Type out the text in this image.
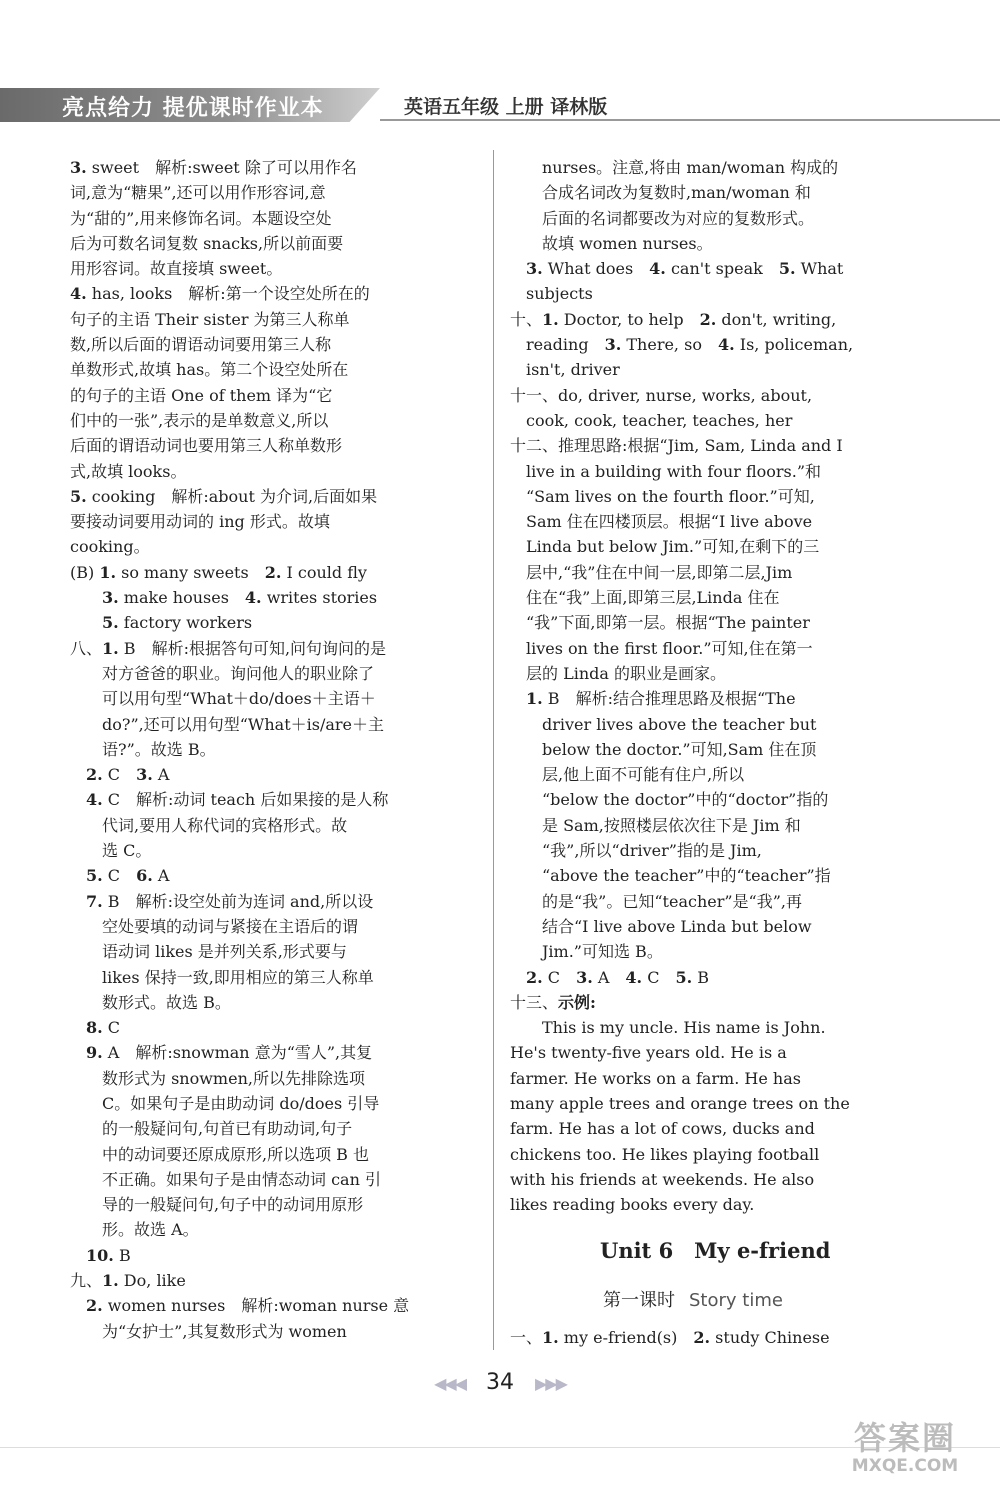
亮点给力 提优课时作业本	英语五年级 上册 译林版
3. sweet　解析:sweet 除了可以用作名
词,意为“糖果”,还可以用作形容词,意
为“甜的”,用来修饰名词。本题设空处
后为可数名词复数 snacks,所以前面要
用形容词。故直接填 sweet。
4. has, looks　解析:第一个设空处所在的
句子的主语 Their sister 为第三人称单
数,所以后面的谓语动词要用第三人称
单数形式,故填 has。第二个设空处所在
的句子的主语 One of them 译为“它
们中的一张”,表示的是单数意义,所以
后面的谓语动词也要用第三人称单数形
式,故填 looks。
5. cooking　解析:about 为介词,后面如果
要接动词要用动词的 ing 形式。故填
cooking。
(B) 1. so many sweets　2. I could fly
　　3. make houses　4. writes stories
　　5. factory workers
八、1. B　解析:根据答句可知,问句询问的是
　　对方爸爸的职业。询问他人的职业除了
　　可以用句型“What＋do/does＋主语＋
　　do?”,还可以用句型“What＋is/are＋主
　　语?”。故选 B。
　2. C　3. A
　4. C　解析:动词 teach 后如果接的是人称
　　代词,要用人称代词的宾格形式。故
　　选 C。
　5. C　6. A
　7. B　解析:设空处前为连词 and,所以设
　　空处要填的动词与紧接在主语后的谓
　　语动词 likes 是并列关系,形式要与
　　likes 保持一致,即用相应的第三人称单
　　数形式。故选 B。
　8. C
　9. A　解析:snowman 意为“雪人”,其复
　　数形式为 snowmen,所以先排除选项
　　C。如果句子是由助动词 do/does 引导
　　的一般疑问句,句首已有助动词,句子
　　中的动词要还原成原形,所以选项 B 也
　　不正确。如果句子是由情态动词 can 引
　　导的一般疑问句,句子中的动词用原形
　　形。故选 A。
　10. B
九、1. Do, like
　2. women nurses　解析:woman nurse 意
　　为“女护士”,其复数形式为 women
　　nurses。注意,将由 man/woman 构成的
　　合成名词改为复数时,man/woman 和
　　后面的名词都要改为对应的复数形式。
　　故填 women nurses。
　3. What does　4. can't speak　5. What
　subjects
十、1. Doctor, to help　2. don't, writing,
　reading　3. There, so　4. Is, policeman,
　isn't, driver
十一、do, driver, nurse, works, about,
　cook, cook, teacher, teaches, her
十二、推理思路:根据“Jim, Sam, Linda and I
　live in a building with four floors.”和
　“Sam lives on the fourth floor.”可知,
　Sam 住在四楼顶层。根据“I live above
　Linda but below Jim.”可知,在剩下的三
　层中,“我”住在中间一层,即第二层,Jim
　住在“我”上面,即第三层,Linda 住在
　“我”下面,即第一层。根据“The painter
　lives on the first floor.”可知,住在第一
　层的 Linda 的职业是画家。
　1. B　解析:结合推理思路及根据“The
　　driver lives above the teacher but
　　below the doctor.”可知,Sam 住在顶
　　层,他上面不可能有住户,所以
　　“below the doctor”中的“doctor”指的
　　是 Sam,按照楼层依次往下是 Jim 和
　　“我”,所以“driver”指的是 Jim,
　　“above the teacher”中的“teacher”指
　　的是“我”。已知“teacher”是“我”,再
　　结合“I live above Linda but below
　　Jim.”可知选 B。
　2. C　3. A　4. C　5. B
十三、示例:
　　This is my uncle. His name is John.
He's twenty-five years old. He is a
farmer. He works on a farm. He has
many apple trees and orange trees on the
farm. He has a lot of cows, ducks and
chickens too. He likes playing football
with his friends at weekends. He also
likes reading books every day.
Unit 6　My e-friend
第一课时 Story time
一、1. my e-friend(s)　2. study Chinese
◀◀◀ 34 ▶▶▶
答案圈
MXQE.COM
